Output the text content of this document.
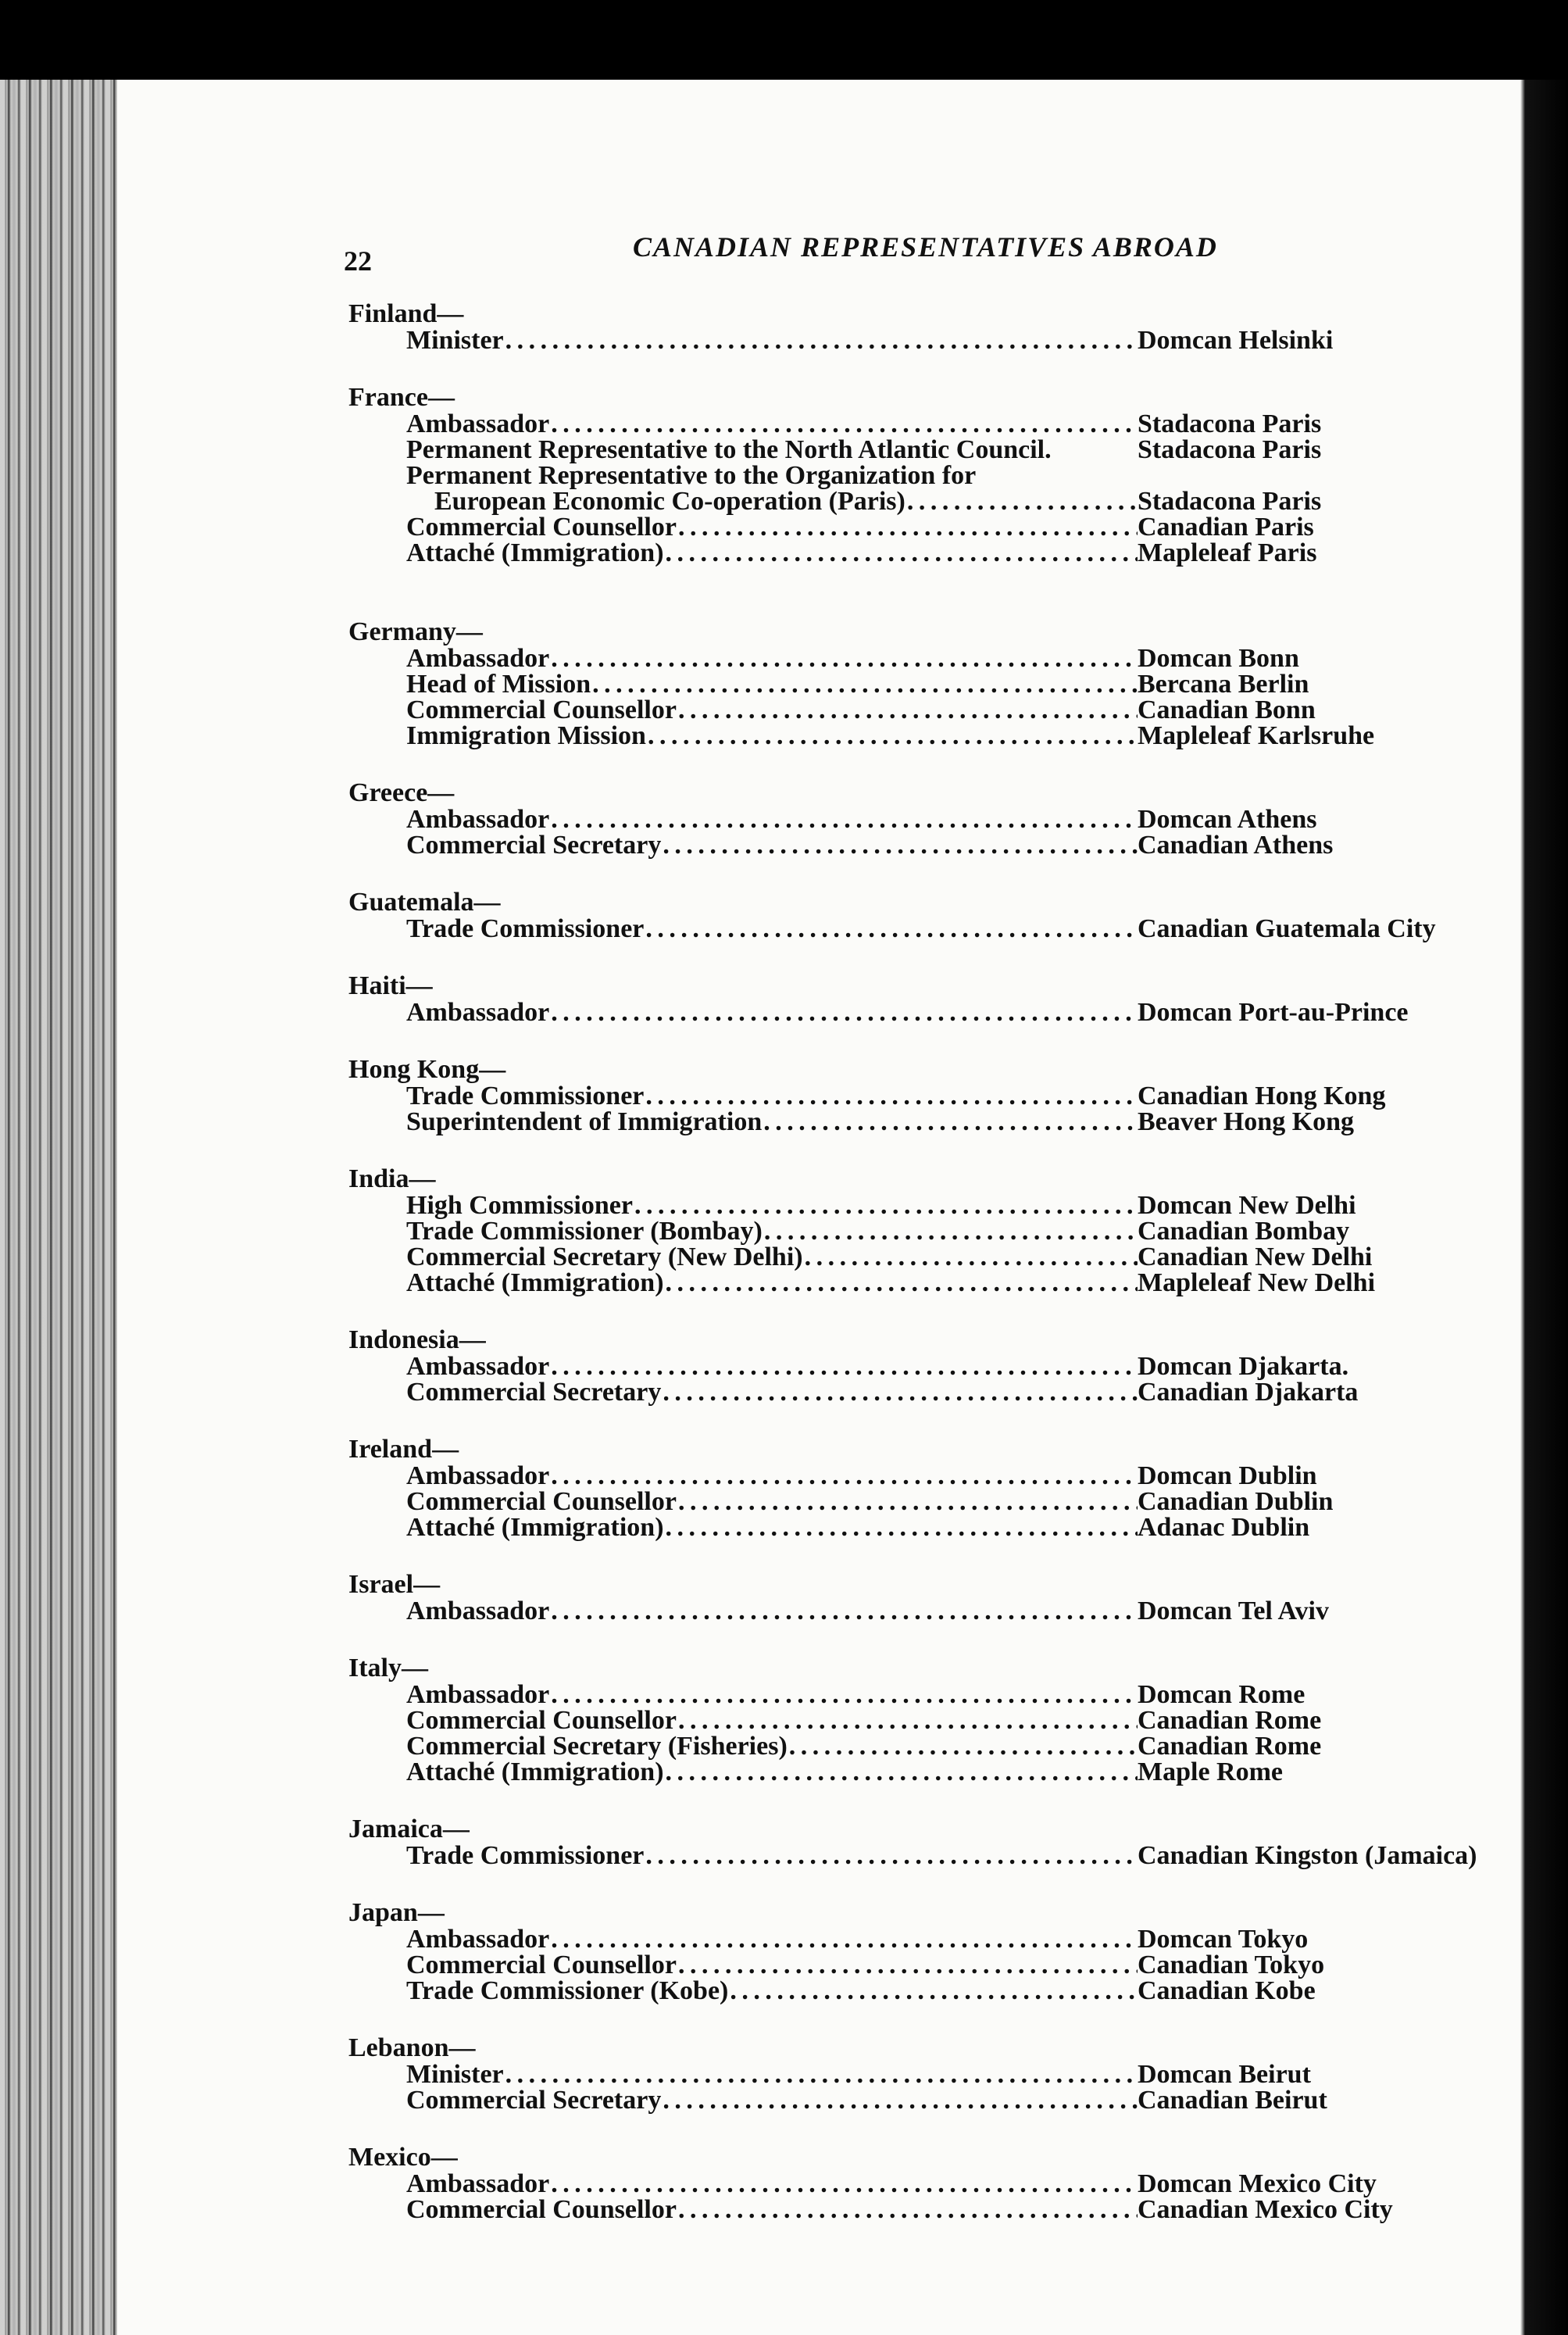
22	CANADIAN REPRESENTATIVES ABROAD
Finland—
Minister . . .	Domcan Helsinki
France—
Ambassador . . .	Stadacona Paris
Permanent Representative to the North Atlantic Council.	Stadacona Paris
Permanent Representative to the Organization for
European Economic Co-operation (Paris) . . .	Stadacona Paris
Commercial Counsellor . . .	Canadian Paris
Attaché (Immigration) . . .	Mapleleaf Paris
Germany—
Ambassador . . .	Domcan Bonn
Head of Mission . . .	Bercana Berlin
Commercial Counsellor . . .	Canadian Bonn
Immigration Mission . . .	Mapleleaf Karlsruhe
Greece—
Ambassador . . .	Domcan Athens
Commercial Secretary . . .	Canadian Athens
Guatemala—
Trade Commissioner . . .	Canadian Guatemala City
Haiti—
Ambassador . . .	Domcan Port-au-Prince
Hong Kong—
Trade Commissioner . . .	Canadian Hong Kong
Superintendent of Immigration . . .	Beaver Hong Kong
India—
High Commissioner . . .	Domcan New Delhi
Trade Commissioner (Bombay) . . .	Canadian Bombay
Commercial Secretary (New Delhi) . . .	Canadian New Delhi
Attaché (Immigration) . . .	Mapleleaf New Delhi
Indonesia—
Ambassador . . .	Domcan Djakarta.
Commercial Secretary . . .	Canadian Djakarta
Ireland—
Ambassador . . .	Domcan Dublin
Commercial Counsellor . . .	Canadian Dublin
Attaché (Immigration) . . .	Adanac Dublin
Israel—
Ambassador . . .	Domcan Tel Aviv
Italy—
Ambassador . . .	Domcan Rome
Commercial Counsellor . . .	Canadian Rome
Commercial Secretary (Fisheries) . . .	Canadian Rome
Attaché (Immigration) . . .	Maple Rome
Jamaica—
Trade Commissioner . . .	Canadian Kingston (Jamaica)
Japan—
Ambassador . . .	Domcan Tokyo
Commercial Counsellor . . .	Canadian Tokyo
Trade Commissioner (Kobe) . . .	Canadian Kobe
Lebanon—
Minister . . .	Domcan Beirut
Commercial Secretary . . .	Canadian Beirut
Mexico—
Ambassador . . .	Domcan Mexico City
Commercial Counsellor . . .	Canadian Mexico City
